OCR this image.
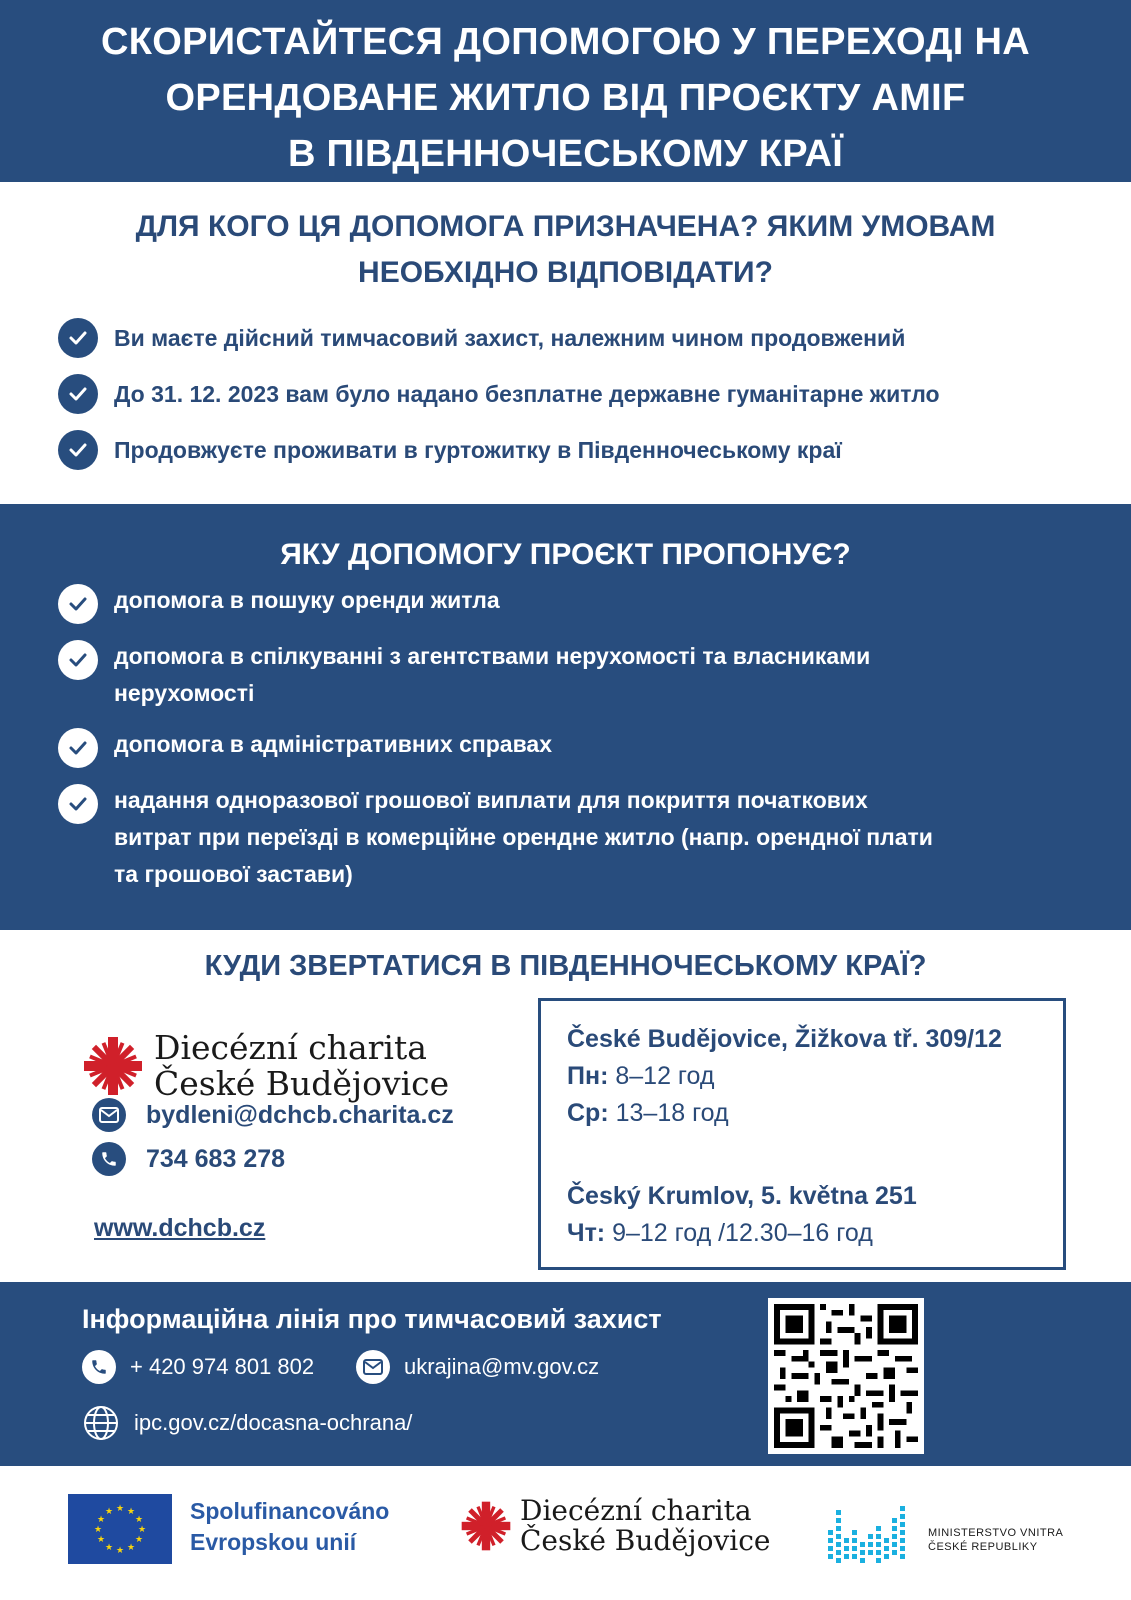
СКОРИСТАЙТЕСЯ ДОПОМОГОЮ У ПЕРЕХОДІ НА
ОРЕНДОВАНЕ ЖИТЛО ВІД ПРОЄКТУ AMIF
В ПІВДЕННОЧЕСЬКОМУ КРАЇ
ДЛЯ КОГО ЦЯ ДОПОМОГА ПРИЗНАЧЕНА? ЯКИМ УМОВАМ
НЕОБХІДНО ВІДПОВІДАТИ?
Ви маєте дійсний тимчасовий захист, належним чином продовжений
До 31. 12. 2023 вам було надано безплатне державне гуманітарне житло
Продовжуєте проживати в гуртожитку в Південночеському краї
ЯКУ ДОПОМОГУ ПРОЄКТ ПРОПОНУЄ?
допомога в пошуку оренди житла
допомога в спілкуванні з агентствами нерухомості та власниками нерухомості
допомога в адміністративних справах
надання одноразової грошової виплати для покриття початкових витрат при переїзді в комерційне орендне житло (напр. орендної плати та грошової застави)
КУДИ ЗВЕРТАТИСЯ В ПІВДЕННОЧЕСЬКОМУ КРАЇ?
Diecézní charita
České Budějovice
bydleni@dchcb.charita.cz
734 683 278
www.dchcb.cz
České Budějovice, Žižkova tř. 309/12
Пн: 8–12 год
Ср: 13–18 год
Český Krumlov, 5. května 251
Чт: 9–12 год /12.30–16 год
Інформаційна лінія про тимчасовий захист
+ 420 974 801 802	ukrajina@mv.gov.cz
ipc.gov.cz/docasna-ochrana/
★ ★
★
★
★
★
★
★
★
★
★
★	Spolufinancováno
Evropskou unií
Diecézní charita
České Budějovice	MINISTERSTVO VNITRA
ČESKÉ REPUBLIKY
